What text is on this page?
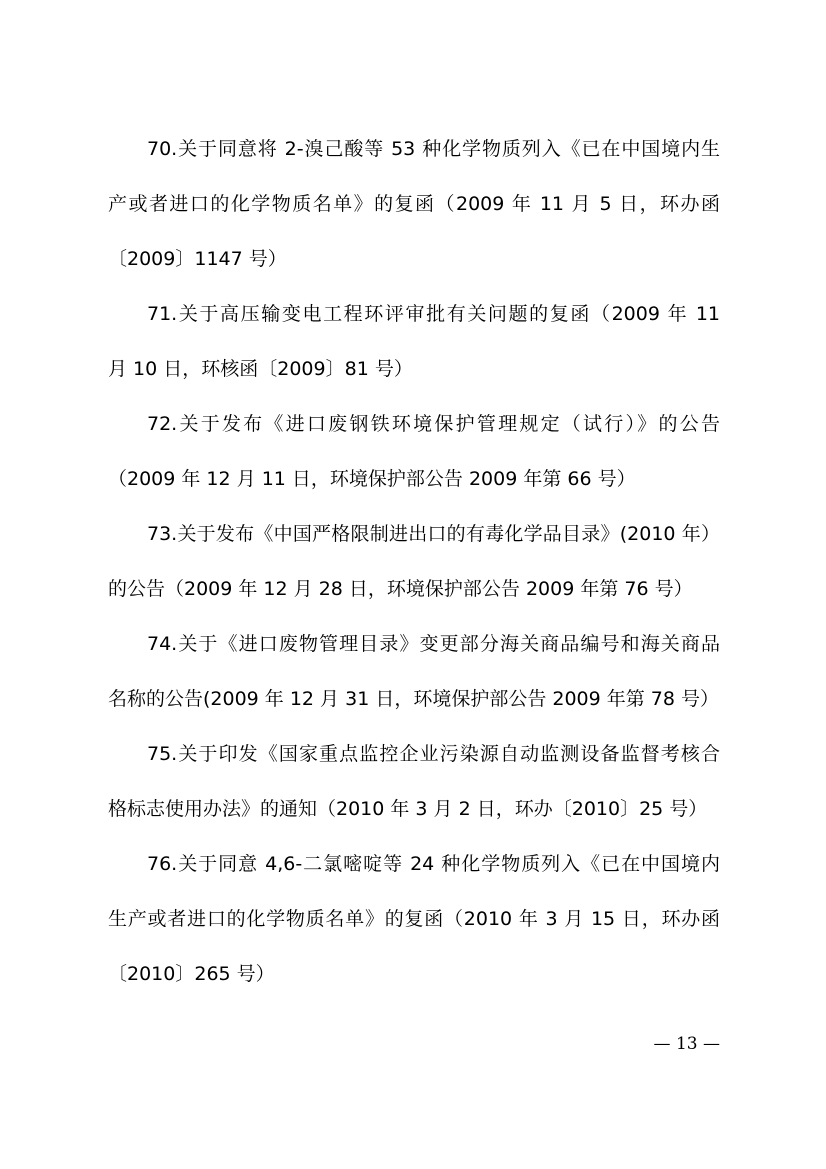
70.关于同意将 2-溴己酸等 53 种化学物质列入《已在中国境内生
产或者进口的化学物质名单》的复函（2009 年 11 月 5 日，环办函
〔2009〕1147 号）
71.关于高压输变电工程环评审批有关问题的复函（2009 年 11
月 10 日，环核函〔2009〕81 号）
72.关于发布《进口废钢铁环境保护管理规定（试行）》的公告
（2009 年 12 月 11 日，环境保护部公告 2009 年第 66 号）
73.关于发布《中国严格限制进出口的有毒化学品目录》(2010 年）
的公告（2009 年 12 月 28 日，环境保护部公告 2009 年第 76 号）
74.关于《进口废物管理目录》变更部分海关商品编号和海关商品
名称的公告(2009 年 12 月 31 日，环境保护部公告 2009 年第 78 号）
75.关于印发《国家重点监控企业污染源自动监测设备监督考核合
格标志使用办法》的通知（2010 年 3 月 2 日，环办〔2010〕25 号）
76.关于同意 4,6-二氯嘧啶等 24 种化学物质列入《已在中国境内
生产或者进口的化学物质名单》的复函（2010 年 3 月 15 日，环办函
〔2010〕265 号）
— 13 —
